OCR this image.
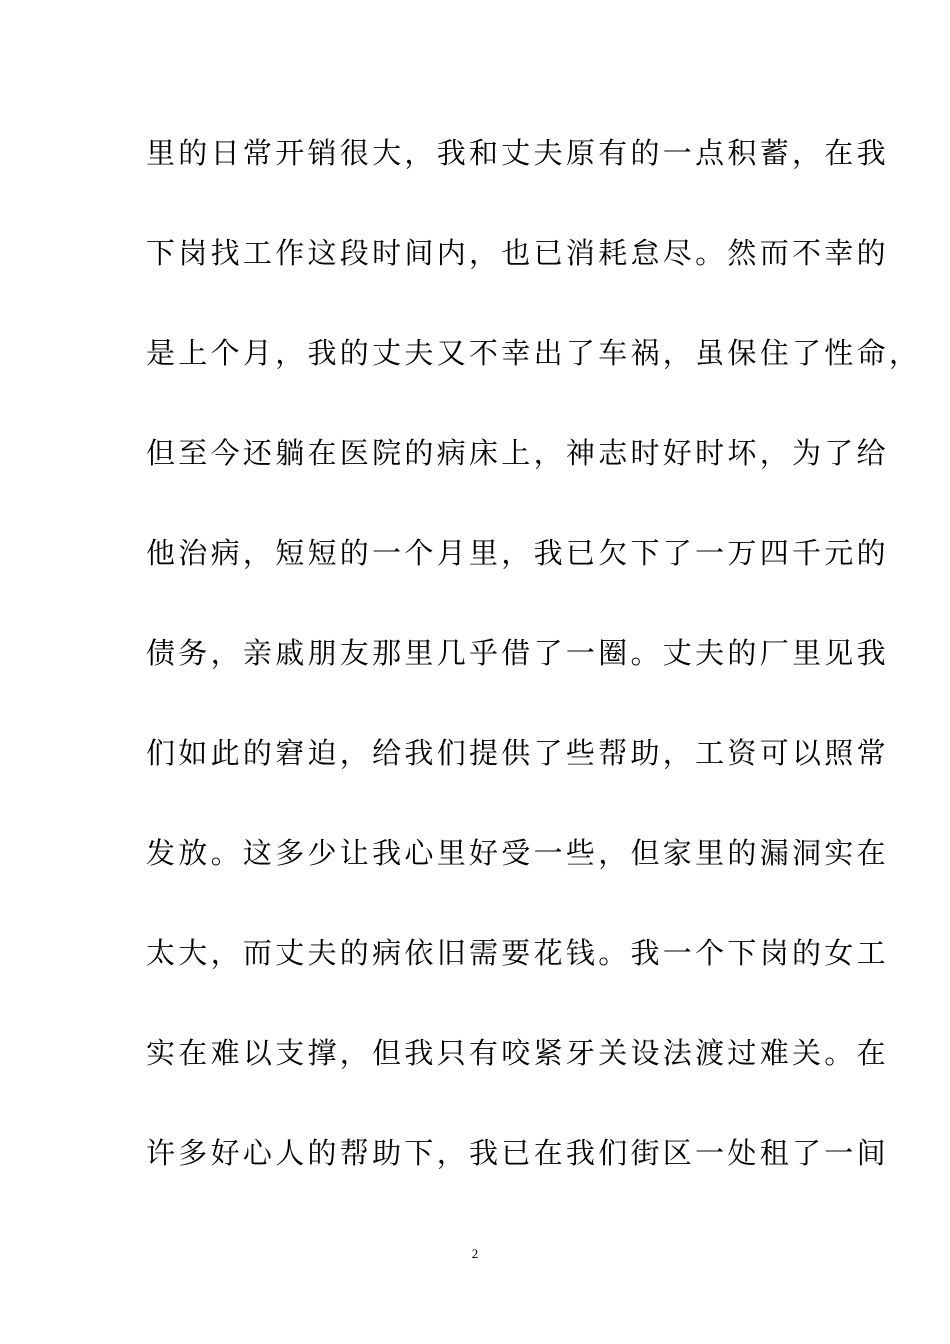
里的日常开销很大，我和丈夫原有的一点积蓄，在我
下岗找工作这段时间内，也已消耗怠尽。然而不幸的
是上个月，我的丈夫又不幸出了车祸，虽保住了性命，
但至今还躺在医院的病床上，神志时好时坏，为了给
他治病，短短的一个月里，我已欠下了一万四千元的
债务，亲戚朋友那里几乎借了一圈。丈夫的厂里见我
们如此的窘迫，给我们提供了些帮助，工资可以照常
发放。这多少让我心里好受一些，但家里的漏洞实在
太大，而丈夫的病依旧需要花钱。我一个下岗的女工
实在难以支撑，但我只有咬紧牙关设法渡过难关。在
许多好心人的帮助下，我已在我们街区一处租了一间
2
